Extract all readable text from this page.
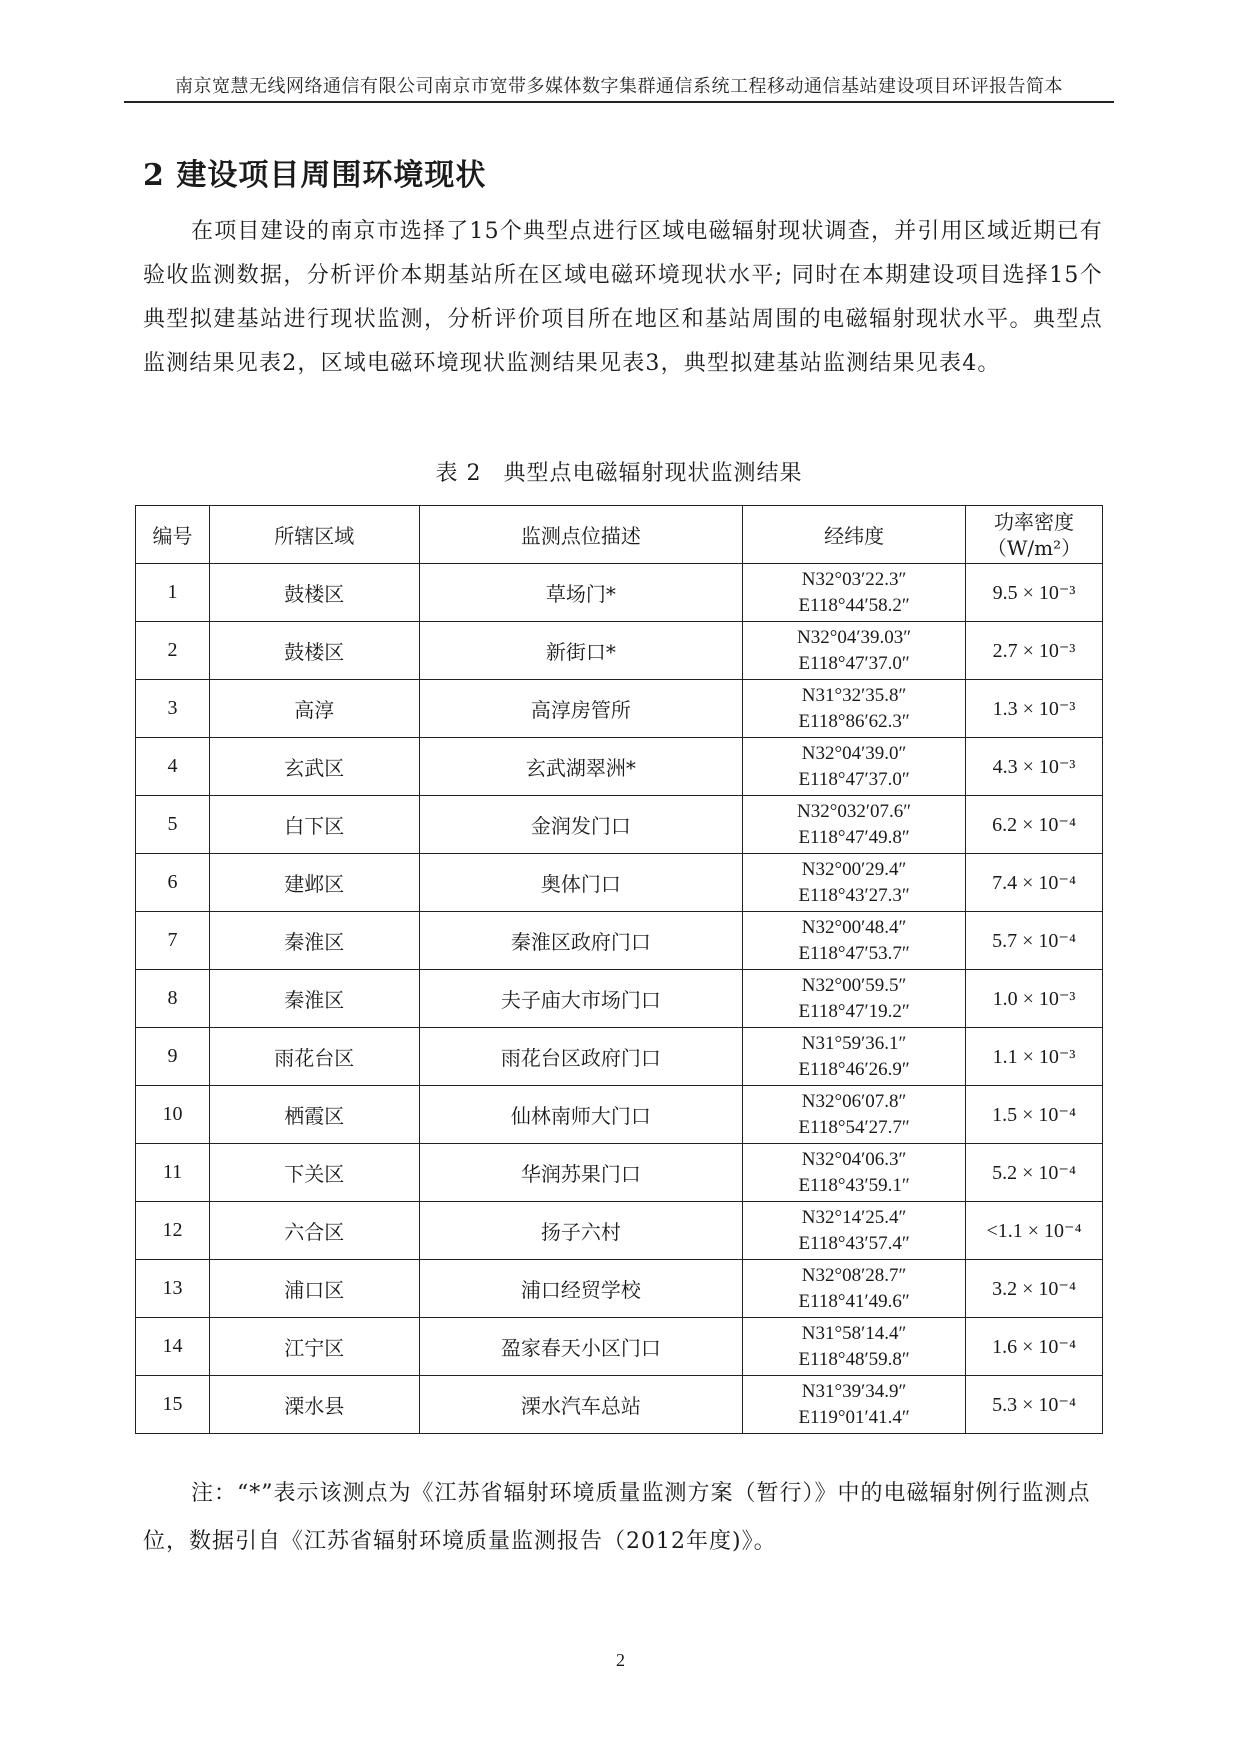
南京宽慧无线网络通信有限公司南京市宽带多媒体数字集群通信系统工程移动通信基站建设项目环评报告简本
2 建设项目周围环境现状

在项目建设的南京市选择了15个典型点进行区域电磁辐射现状调查，并引用区域近期已有验收监测数据，分析评价本期基站所在区域电磁环境现状水平; 同时在本期建设项目选择15个典型拟建基站进行现状监测，分析评价项目所在地区和基站周围的电磁辐射现状水平。典型点监测结果见表2，区域电磁环境现状监测结果见表3，典型拟建基站监测结果见表4。

表 2 典型点电磁辐射现状监测结果
编号	所辖区域	监测点位描述	经纬度	功率密度
（W/m²）

1	鼓楼区	草场门*	N32°03′22.3″
E118°44′58.2″	9.5 × 10⁻³
2	鼓楼区	新街口*	N32°04′39.03″
E118°47′37.0″	2.7 × 10⁻³
3	高淳	高淳房管所	N31°32′35.8″
E118°86′62.3″	1.3 × 10⁻³
4	玄武区	玄武湖翠洲*	N32°04′39.0″
E118°47′37.0″	4.3 × 10⁻³
5	白下区	金润发门口	N32°032′07.6″
E118°47′49.8″	6.2 × 10⁻⁴
6	建邺区	奥体门口	N32°00′29.4″
E118°43′27.3″	7.4 × 10⁻⁴
7	秦淮区	秦淮区政府门口	N32°00′48.4″
E118°47′53.7″	5.7 × 10⁻⁴
8	秦淮区	夫子庙大市场门口	N32°00′59.5″
E118°47′19.2″	1.0 × 10⁻³
9	雨花台区	雨花台区政府门口	N31°59′36.1″
E118°46′26.9″	1.1 × 10⁻³
10	栖霞区	仙林南师大门口	N32°06′07.8″
E118°54′27.7″	1.5 × 10⁻⁴
11	下关区	华润苏果门口	N32°04′06.3″
E118°43′59.1″	5.2 × 10⁻⁴
12	六合区	扬子六村	N32°14′25.4″
E118°43′57.4″	<1.1 × 10⁻⁴
13	浦口区	浦口经贸学校	N32°08′28.7″
E118°41′49.6″	3.2 × 10⁻⁴
14	江宁区	盈家春天小区门口	N31°58′14.4″
E118°48′59.8″	1.6 × 10⁻⁴
15	溧水县	溧水汽车总站	N31°39′34.9″
E119°01′41.4″	5.3 × 10⁻⁴

注：“*”表示该测点为《江苏省辐射环境质量监测方案（暂行）》中的电磁辐射例行监测点位，数据引自《江苏省辐射环境质量监测报告（2012年度)》。

2
